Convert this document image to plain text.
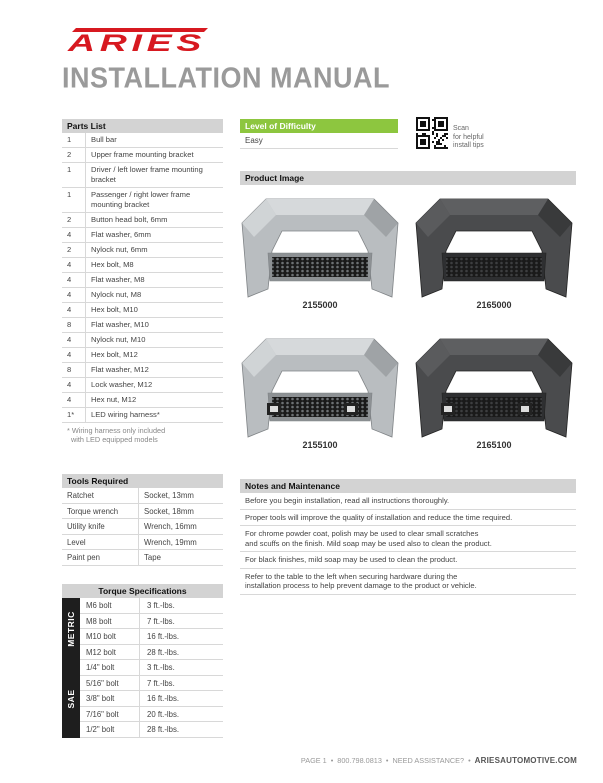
ARIES
INSTALLATION MANUAL
Parts List
1	Bull bar
2	Upper frame mounting bracket
1	Driver / left lower frame mounting bracket
1	Passenger / right lower frame mounting bracket
2	Button head bolt, 6mm
4	Flat washer, 6mm
2	Nylock nut, 6mm
4	Hex bolt, M8
4	Flat washer, M8
4	Nylock nut, M8
4	Hex bolt, M10
8	Flat washer, M10
4	Nylock nut, M10
4	Hex bolt, M12
8	Flat washer, M12
4	Lock washer, M12
4	Hex nut, M12
1*	LED wiring harness*
* Wiring harness only included
with LED equipped models
Tools Required
Ratchet	Socket, 13mm
Torque wrench	Socket, 18mm
Utility knife	Wrench, 16mm
Level	Wrench, 19mm
Paint pen	Tape
Torque Specifications
METRIC
M6 bolt	3 ft.-lbs.
M8 bolt	7 ft.-lbs.
M10 bolt	16 ft.-lbs.
M12 bolt	28 ft.-lbs.
SAE
1/4" bolt	3 ft.-lbs.
5/16" bolt	7 ft.-lbs.
3/8" bolt	16 ft.-lbs.
7/16" bolt	20 ft.-lbs.
1/2" bolt	28 ft.-lbs.
Level of Difficulty
Easy
Scan
for helpful
install tips
Product Image
2155000	2165000
2155100	2165100
Notes and Maintenance
Before you begin installation, read all instructions thoroughly.
Proper tools will improve the quality of installation and reduce the time required.
For chrome powder coat, polish may be used to clear small scratches
and scuffs on the finish. Mild soap may be used also to clean the product.
For black finishes, mild soap may be used to clean the product.
Refer to the table to the left when securing hardware during the
installation process to help prevent damage to the product or vehicle.
PAGE 1 • 800.798.0813 • NEED ASSISTANCE? • ARIESAUTOMOTIVE.COM
